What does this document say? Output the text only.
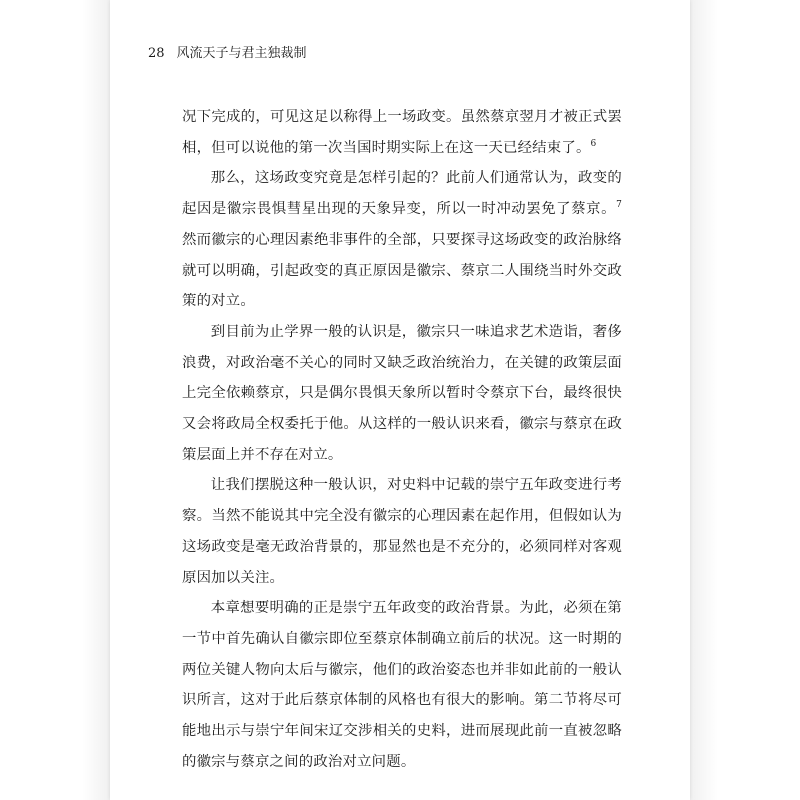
28 风流天子与君主独裁制

况下完成的，可见这足以称得上一场政变。虽然蔡京翌月才被正式罢相，但可以说他的第一次当国时期实际上在这一天已经结束了。$^6$

那么，这场政变究竟是怎样引起的？此前人们通常认为，政变的起因是徽宗畏惧彗星出现的天象异变，所以一时冲动罢免了蔡京。$^7$然而徽宗的心理因素绝非事件的全部，只要探寻这场政变的政治脉络就可以明确，引起政变的真正原因是徽宗、蔡京二人围绕当时外交政策的对立。

到目前为止学界一般的认识是，徽宗只一味追求艺术造诣，奢侈浪费，对政治毫不关心的同时又缺乏政治统治力，在关键的政策层面上完全依赖蔡京，只是偶尔畏惧天象所以暂时令蔡京下台，最终很快又会将政局全权委托于他。从这样的一般认识来看，徽宗与蔡京在政策层面上并不存在对立。

让我们摆脱这种一般认识，对史料中记载的崇宁五年政变进行考察。当然不能说其中完全没有徽宗的心理因素在起作用，但假如认为这场政变是毫无政治背景的，那显然也是不充分的，必须同样对客观原因加以关注。

本章想要明确的正是崇宁五年政变的政治背景。为此，必须在第一节中首先确认自徽宗即位至蔡京体制确立前后的状况。这一时期的两位关键人物向太后与徽宗，他们的政治姿态也并非如此前的一般认识所言，这对于此后蔡京体制的风格也有很大的影响。第二节将尽可能地出示与崇宁年间宋辽交涉相关的史料，进而展现此前一直被忽略的徽宗与蔡京之间的政治对立问题。
